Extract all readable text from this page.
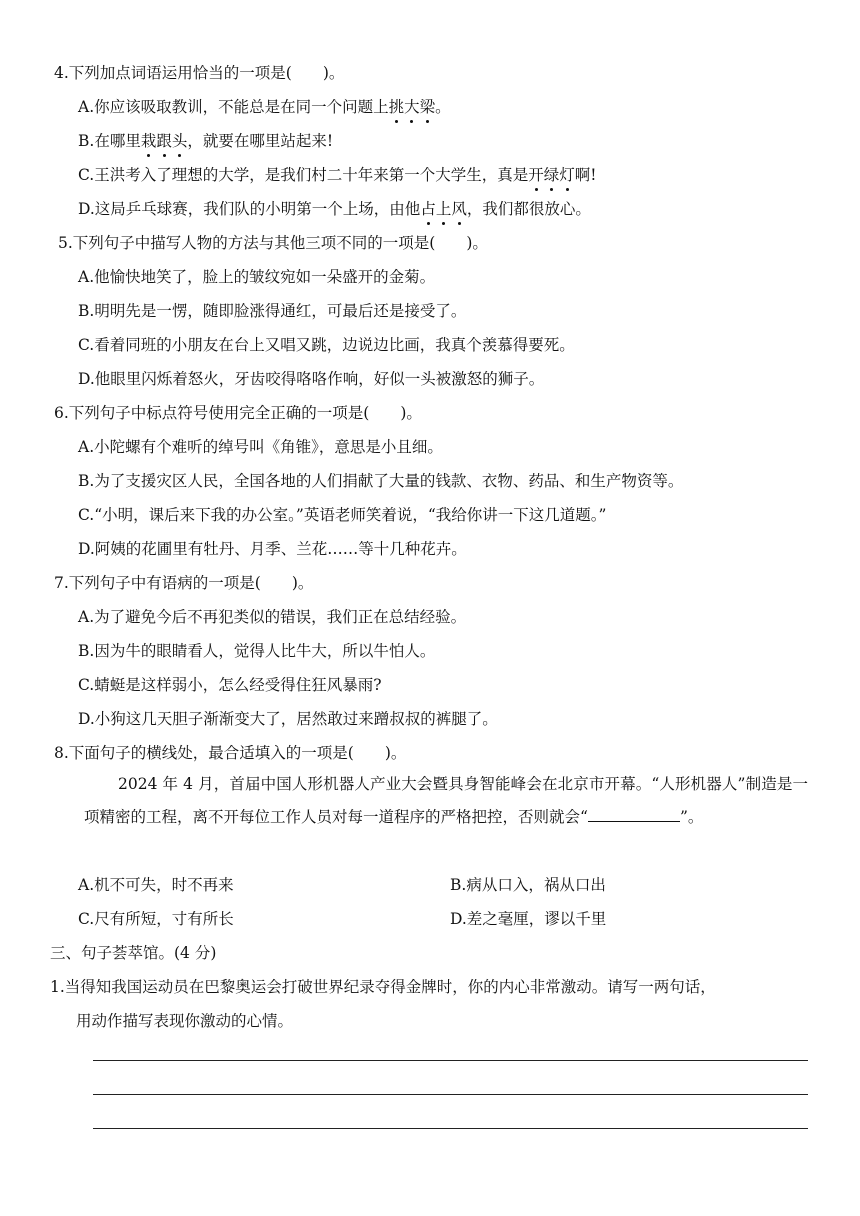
4.下列加点词语运用恰当的一项是(　　)。
A.你应该吸取教训，不能总是在同一个问题上挑大梁。
B.在哪里栽跟头，就要在哪里站起来!
C.王洪考入了理想的大学，是我们村二十年来第一个大学生，真是开绿灯啊!
D.这局乒乓球赛，我们队的小明第一个上场，由他占上风，我们都很放心。
5.下列句子中描写人物的方法与其他三项不同的一项是(　　)。
A.他愉快地笑了，脸上的皱纹宛如一朵盛开的金菊。
B.明明先是一愣，随即脸涨得通红，可最后还是接受了。
C.看着同班的小朋友在台上又唱又跳，边说边比画，我真个羡慕得要死。
D.他眼里闪烁着怒火，牙齿咬得咯咯作响，好似一头被激怒的狮子。
6.下列句子中标点符号使用完全正确的一项是(　　)。
A.小陀螺有个难听的绰号叫《角锥》，意思是小且细。
B.为了支援灾区人民，全国各地的人们捐献了大量的钱款、衣物、药品、和生产物资等。
C.“小明，课后来下我的办公室。”英语老师笑着说，“我给你讲一下这几道题。”
D.阿姨的花圃里有牡丹、月季、兰花……等十几种花卉。
7.下列句子中有语病的一项是(　　)。
A.为了避免今后不再犯类似的错误，我们正在总结经验。
B.因为牛的眼睛看人，觉得人比牛大，所以牛怕人。
C.蜻蜓是这样弱小，怎么经受得住狂风暴雨?
D.小狗这几天胆子渐渐变大了，居然敢过来蹭叔叔的裤腿了。
8.下面句子的横线处，最合适填入的一项是(　　)。
2024 年 4 月，首届中国人形机器人产业大会暨具身智能峰会在北京市开幕。“人形机器人”制造是一项精密的工程，离不开每位工作人员对每一道程序的严格把控，否则就会“	”。
A.机不可失，时不再来	B.病从口入，祸从口出
C.尺有所短，寸有所长	D.差之毫厘，谬以千里
三、句子荟萃馆。(4 分)
1.当得知我国运动员在巴黎奥运会打破世界纪录夺得金牌时，你的内心非常激动。请写一两句话，
用动作描写表现你激动的心情。
